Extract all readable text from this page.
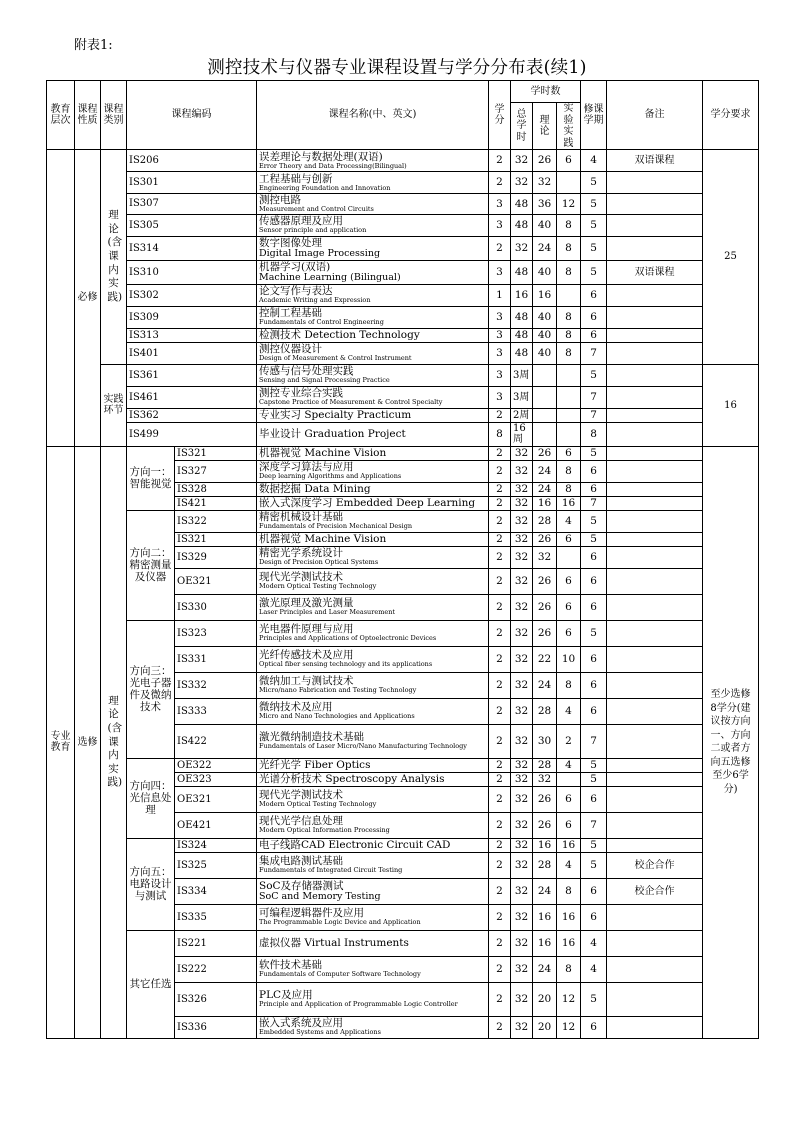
附表1:
测控技术与仪器专业课程设置与学分分布表(续1)
教育层次	课程性质	课程类别	课程编码		课程名称(中、英文)	学分	学时数			修课学期	备注	学分要求
							总学时	理论	实验实践			

	必修	理论(含课内实践)	IS206		误差理论与数据处理(双语)
Error Theory and Data Processing(Bilingual)	2	32	26	6	4	双语课程	25

			IS301		工程基础与创新
Engineering Foundation and Innovation	2	32	32		5		
			IS307		测控电路
Measurement and Control Circuits	3	48	36	12	5		
			IS305		传感器原理及应用
Sensor principle and application	3	48	40	8	5		
			IS314		数字图像处理
Digital Image Processing	2	32	24	8	5		
			IS310		机器学习(双语)
Machine Learning (Bilingual)	3	48	40	8	5	双语课程	
			IS302		论文写作与表达
Academic Writing and Expression	1	16	16		6		
			IS309		控制工程基础
Fundamentals of Control Engineering	3	48	40	8	6		
			IS313		检测技术 Detection Technology	3	48	40	8	6		
			IS401		测控仪器设计
Design of Measurement & Control Instrument	3	48	40	8	7		

		实践环节	IS361		传感与信号处理实践
Sensing and Signal Processing Practice	3	3周			5		16

			IS461		测控专业综合实践
Capstone Practice of Measurement & Control Specialty	3	3周			7		
			IS362		专业实习 Specialty Practicum	2	2周			7		
			IS499		毕业设计 Graduation Project	8	16周			8		

专业教育	选修	理论(含课内实践)	方向一：智能视觉	IS321	机器视觉 Machine Vision	2	32	26	6	5		至少选修8学分(建议按方向一、方向二或者方向五选修至少6学分)

				IS327	深度学习算法与应用
Deep learning Algorithms and Applications	2	32	24	8	6		
				IS328	数据挖掘 Data Mining	2	32	24	8	6		
				IS421	嵌入式深度学习 Embedded Deep Learning	2	32	16	16	7		

			方向二：精密测量及仪器	IS322	精密机械设计基础
Fundamentals of Precision Mechanical Design	2	32	28	4	5		
				IS321	机器视觉 Machine Vision	2	32	26	6	5		
				IS329	精密光学系统设计
Design of Precision Optical Systems	2	32	32		6		
				OE321	现代光学测试技术
Modern Optical Testing Technology	2	32	26	6	6		
				IS330	激光原理及激光测量
Laser Principles and Laser Measurement	2	32	26	6	6		

			方向三：光电子器件及微纳技术	IS323	光电器件原理与应用
Principles and Applications of Optoelectronic Devices	2	32	26	6	5		
				IS331	光纤传感技术及应用
Optical fiber sensing technology and its applications	2	32	22	10	6		
				IS332	微纳加工与测试技术
Micro/nano Fabrication and Testing Technology	2	32	24	8	6		
				IS333	微纳技术及应用
Micro and Nano Technologies and Applications	2	32	28	4	6		
				IS422	激光微纳制造技术基础
Fundamentals of Laser Micro/Nano Manufacturing Technology	2	32	30	2	7		

			方向四：光信息处理	OE322	光纤光学 Fiber Optics	2	32	28	4	5		
				OE323	光谱分析技术 Spectroscopy Analysis	2	32	32		5		
				OE321	现代光学测试技术
Modern Optical Testing Technology	2	32	26	6	6		
				OE421	现代光学信息处理
Modern Optical Information Processing	2	32	26	6	7		

			方向五：电路设计与测试	IS324	电子线路CAD Electronic Circuit CAD	2	32	16	16	5		
				IS325	集成电路测试基础
Fundamentals of Integrated Circuit Testing	2	32	28	4	5	校企合作	
				IS334	SoC及存储器测试
SoC and Memory Testing	2	32	24	8	6	校企合作	
				IS335	可编程逻辑器件及应用
The Programmable Logic Device and Application	2	32	16	16	6		

			其它任选	IS221	虚拟仪器 Virtual Instruments	2	32	16	16	4		
				IS222	软件技术基础
Fundamentals of Computer Software Technology	2	32	24	8	4		
				IS326	PLC及应用
Principle and Application of Programmable Logic Controller	2	32	20	12	5		
				IS336	嵌入式系统及应用
Embedded Systems and Applications	2	32	20	12	6		
